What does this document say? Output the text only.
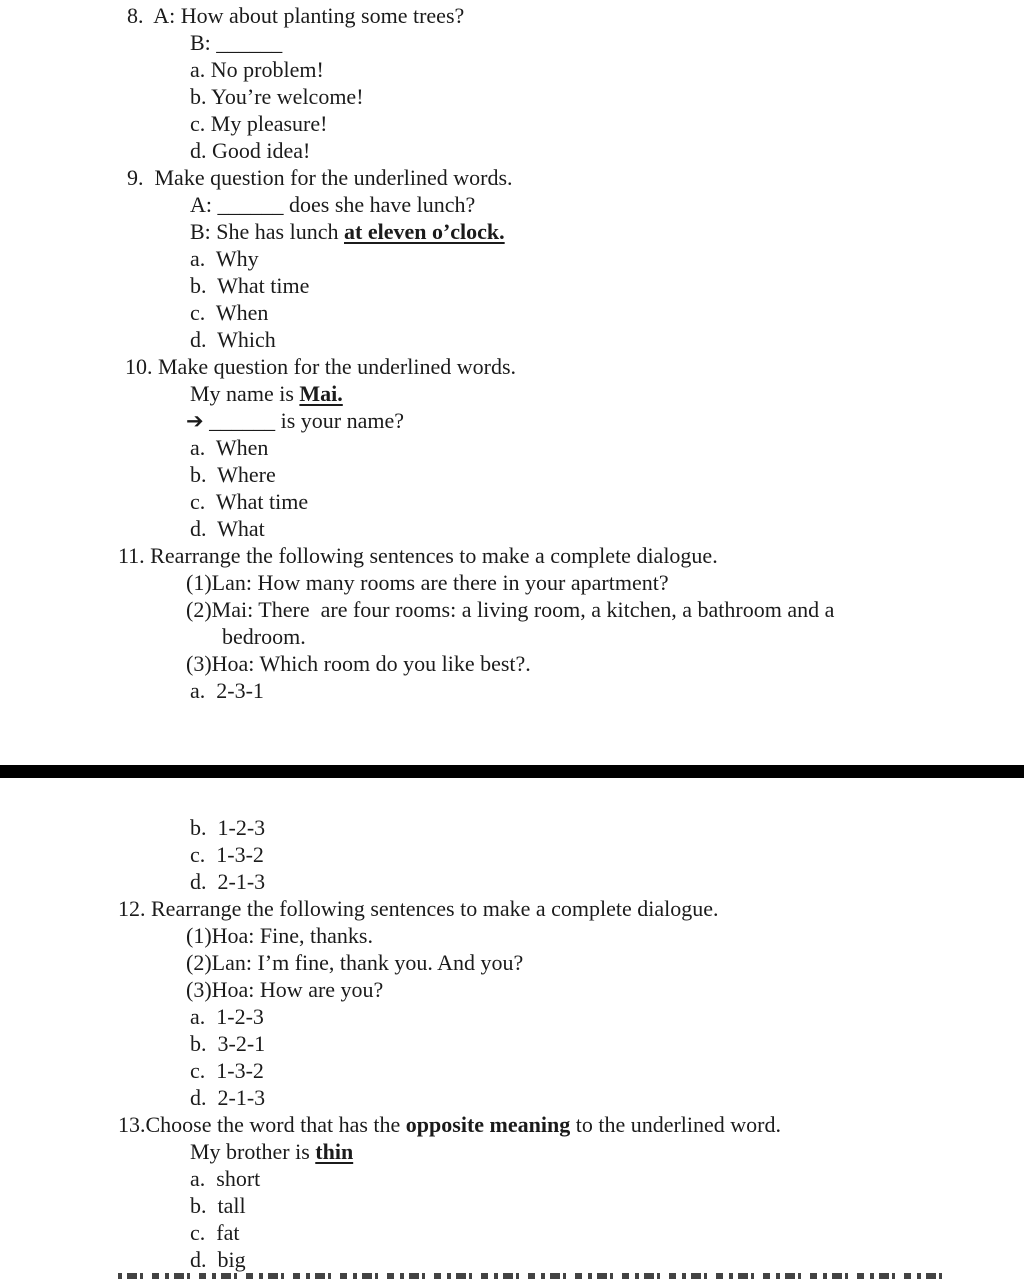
8.  A: How about planting some trees?
B: ______
a. No problem!
b. You’re welcome!
c. My pleasure!
d. Good idea!
9.  Make question for the underlined words.
A: ______ does she have lunch?
B: She has lunch at eleven o’clock.
a.  Why
b.  What time
c.  When
d.  Which
10. Make question for the underlined words.
My name is Mai.
➔ ______ is your name?
a.  When
b.  Where
c.  What time
d.  What
11. Rearrange the following sentences to make a complete dialogue.
(1)Lan: How many rooms are there in your apartment?
(2)Mai: There  are four rooms: a living room, a kitchen, a bathroom and a
bedroom.
(3)Hoa: Which room do you like best?.
a.  2-3-1
b.  1-2-3
c.  1-3-2
d.  2-1-3
12. Rearrange the following sentences to make a complete dialogue.
(1)Hoa: Fine, thanks.
(2)Lan: I’m fine, thank you. And you?
(3)Hoa: How are you?
a.  1-2-3
b.  3-2-1
c.  1-3-2
d.  2-1-3
13.Choose the word that has the opposite meaning to the underlined word.
My brother is thin
a.  short
b.  tall
c.  fat
d.  big
